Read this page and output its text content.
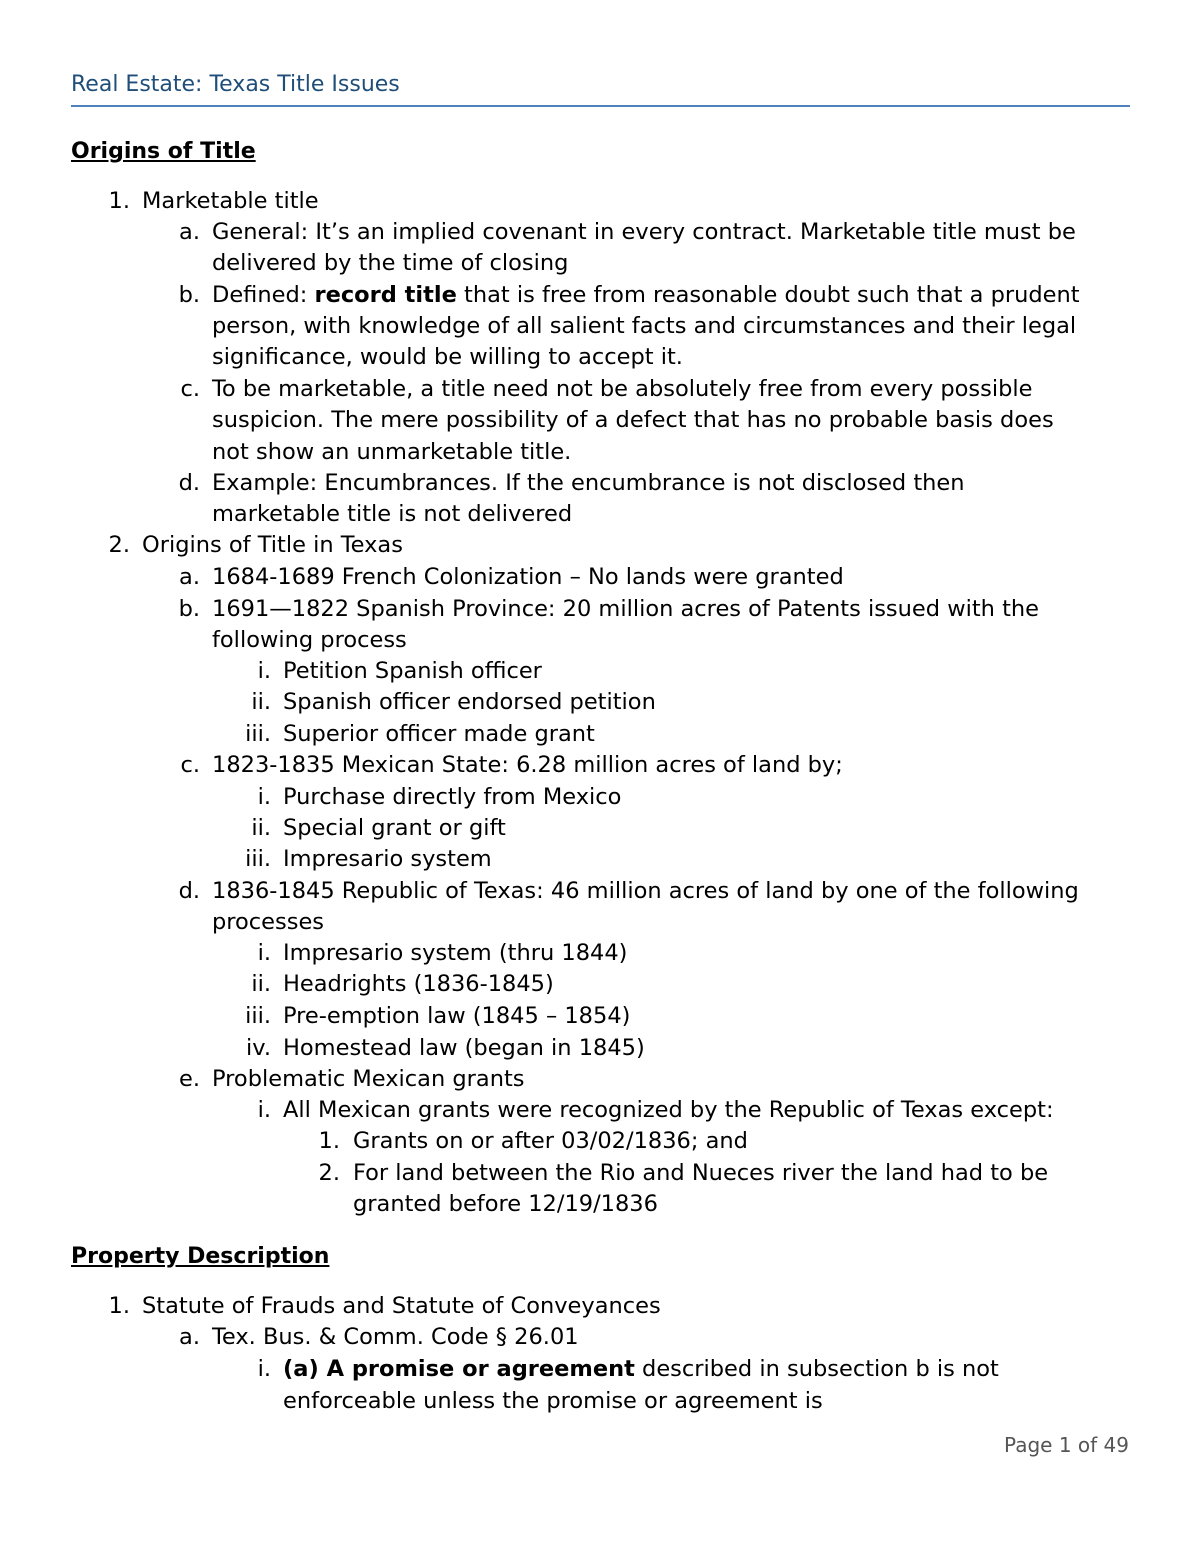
Real Estate: Texas Title Issues
Origins of Title
1. Marketable title
a. General: It’s an implied covenant in every contract. Marketable title must be
delivered by the time of closing
b. Defined: record title that is free from reasonable doubt such that a prudent
person, with knowledge of all salient facts and circumstances and their legal
significance, would be willing to accept it.
c. To be marketable, a title need not be absolutely free from every possible
suspicion. The mere possibility of a defect that has no probable basis does
not show an unmarketable title.
d. Example: Encumbrances. If the encumbrance is not disclosed then
marketable title is not delivered
2. Origins of Title in Texas
a. 1684-1689 French Colonization – No lands were granted
b. 1691—1822 Spanish Province: 20 million acres of Patents issued with the
following process
i. Petition Spanish officer
ii. Spanish officer endorsed petition
iii. Superior officer made grant
c. 1823-1835 Mexican State: 6.28 million acres of land by;
i. Purchase directly from Mexico
ii. Special grant or gift
iii. Impresario system
d. 1836-1845 Republic of Texas: 46 million acres of land by one of the following
processes
i. Impresario system (thru 1844)
ii. Headrights (1836-1845)
iii. Pre-emption law (1845 – 1854)
iv. Homestead law (began in 1845)
e. Problematic Mexican grants
i. All Mexican grants were recognized by the Republic of Texas except:
1. Grants on or after 03/02/1836; and
2. For land between the Rio and Nueces river the land had to be
granted before 12/19/1836
Property Description
1. Statute of Frauds and Statute of Conveyances
a. Tex. Bus. & Comm. Code § 26.01
i. (a) A promise or agreement described in subsection b is not
enforceable unless the promise or agreement is
Page 1 of 49
